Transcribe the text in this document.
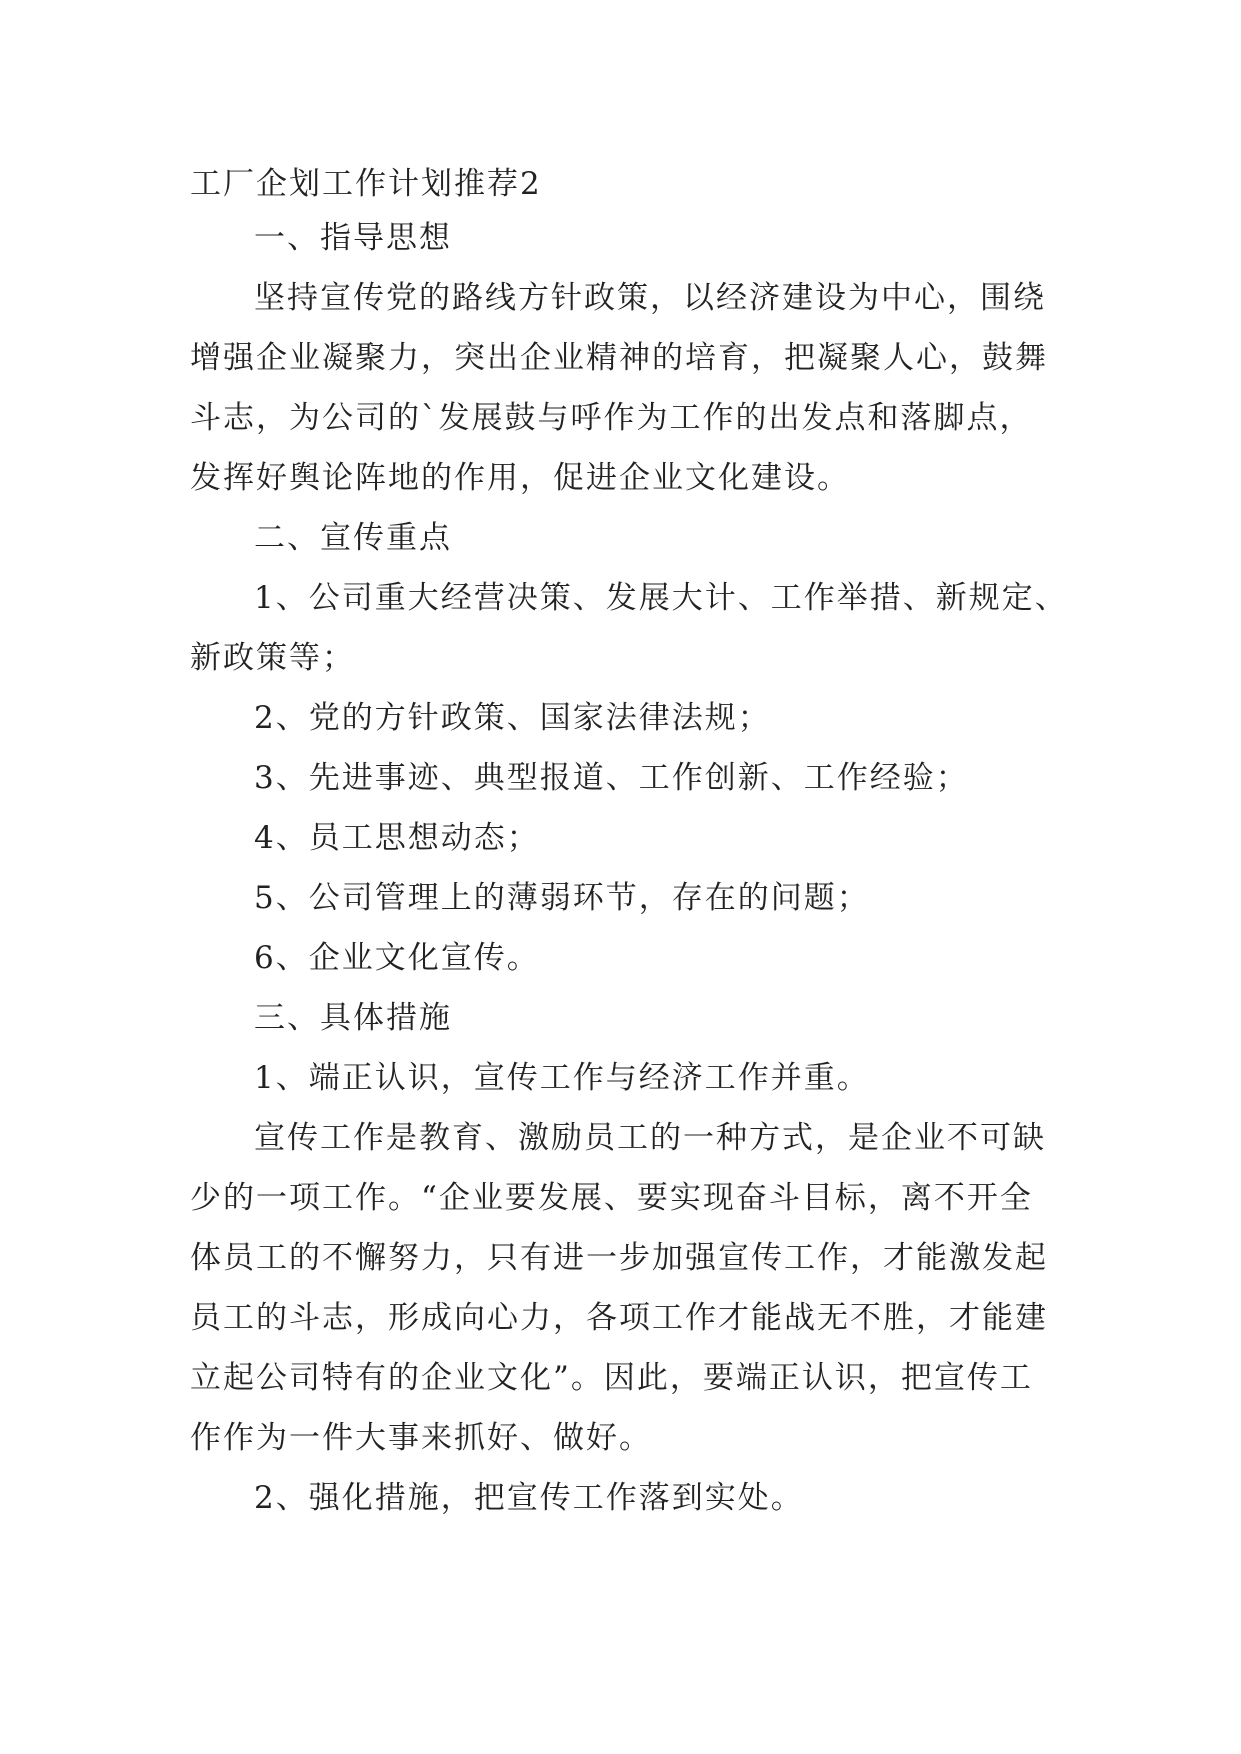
工厂企划工作计划推荐2

一、指导思想

坚持宣传党的路线方针政策，以经济建设为中心，围绕

增强企业凝聚力，突出企业精神的培育，把凝聚人心，鼓舞

斗志，为公司的`发展鼓与呼作为工作的出发点和落脚点，

发挥好舆论阵地的作用，促进企业文化建设。

二、宣传重点

1、公司重大经营决策、发展大计、工作举措、新规定、

新政策等；

2、党的方针政策、国家法律法规；

3、先进事迹、典型报道、工作创新、工作经验；

4、员工思想动态；

5、公司管理上的薄弱环节，存在的问题；

6、企业文化宣传。

三、具体措施

1、端正认识，宣传工作与经济工作并重。

宣传工作是教育、激励员工的一种方式，是企业不可缺

少的一项工作。“企业要发展、要实现奋斗目标，离不开全

体员工的不懈努力，只有进一步加强宣传工作，才能激发起

员工的斗志，形成向心力，各项工作才能战无不胜，才能建

立起公司特有的企业文化”。因此，要端正认识，把宣传工

作作为一件大事来抓好、做好。

2、强化措施，把宣传工作落到实处。
